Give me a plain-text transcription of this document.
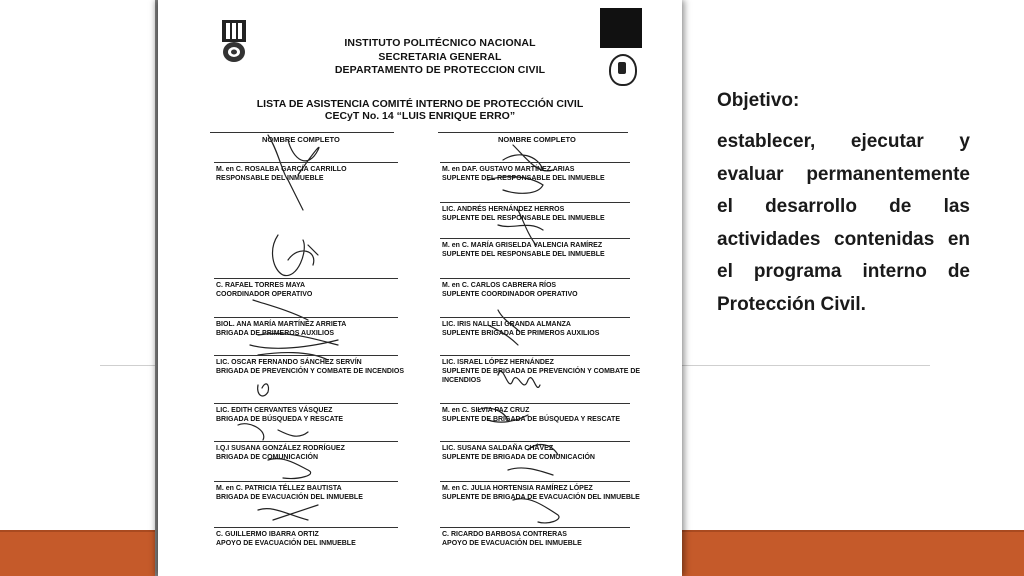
INSTITUTO POLITÉCNICO NACIONAL
SECRETARIA GENERAL
DEPARTAMENTO DE PROTECCION CIVIL
LISTA DE ASISTENCIA COMITÉ INTERNO DE PROTECCIÓN CIVIL
CECyT No. 14 “LUIS ENRIQUE ERRO”
NOMBRE COMPLETO	NOMBRE COMPLETO
M. en C. ROSALBA GARCÍA CARRILLO
RESPONSABLE DEL INMUEBLE
C. RAFAEL TORRES MAYA
COORDINADOR OPERATIVO
BIOL. ANA MARÍA MARTÍNEZ ARRIETA
BRIGADA DE PRIMEROS AUXILIOS
LIC. OSCAR FERNANDO SÁNCHEZ SERVÍN
BRIGADA DE PREVENCIÓN Y COMBATE DE INCENDIOS
LIC. EDITH CERVANTES VÁSQUEZ
BRIGADA DE BÚSQUEDA Y RESCATE
I.Q.I SUSANA GONZÁLEZ RODRÍGUEZ
BRIGADA DE COMUNICACIÓN
M. en C. PATRICIA TÉLLEZ BAUTISTA
BRIGADA DE EVACUACIÓN DEL INMUEBLE
C. GUILLERMO IBARRA ORTIZ
APOYO DE EVACUACIÓN DEL INMUEBLE
M. en DAF. GUSTAVO MARTÍNEZ ARIAS
SUPLENTE DEL RESPONSABLE DEL INMUEBLE
LIC. ANDRÉS HERNÁNDEZ HERROS
SUPLENTE DEL RESPONSABLE DEL INMUEBLE
M. en C. MARÍA GRISELDA VALENCIA RAMÍREZ
SUPLENTE DEL RESPONSABLE DEL INMUEBLE
M. en C. CARLOS CABRERA RÍOS
SUPLENTE COORDINADOR OPERATIVO
LIC. IRIS NALLELI GRANDA ALMANZA
SUPLENTE BRIGADA DE PRIMEROS AUXILIOS
LIC. ISRAEL LÓPEZ HERNÁNDEZ
SUPLENTE DE BRIGADA DE PREVENCIÓN Y COMBATE DE INCENDIOS
M. en C. SILVIA PAZ CRUZ
SUPLENTE DE BRIGADA DE BÚSQUEDA Y RESCATE
LIC. SUSANA SALDAÑA CHÁVEZ
SUPLENTE DE BRIGADA DE COMUNICACIÓN
M. en C. JULIA HORTENSIA RAMÍREZ LÓPEZ
SUPLENTE DE BRIGADA DE EVACUACIÓN DEL INMUEBLE
C. RICARDO BARBOSA CONTRERAS
APOYO DE EVACUACIÓN DEL INMUEBLE

Objetivo:

establecer, ejecutar y evaluar permanentemente el desarrollo de las actividades contenidas en el programa interno de Protección Civil.
